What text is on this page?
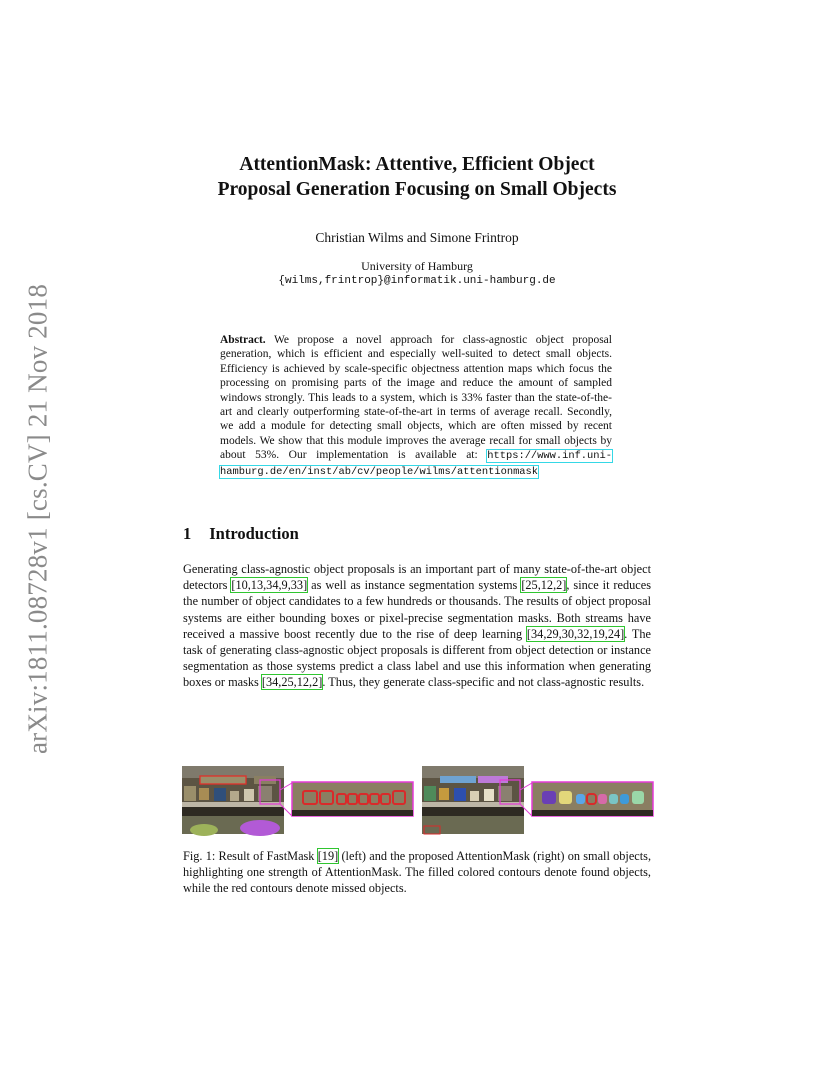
arXiv:1811.08728v1 [cs.CV] 21 Nov 2018
AttentionMask: Attentive, Efficient Object
Proposal Generation Focusing on Small Objects
Christian Wilms and Simone Frintrop
University of Hamburg
{wilms,frintrop}@informatik.uni-hamburg.de
Abstract. We propose a novel approach for class-agnostic object proposal generation, which is efficient and especially well-suited to detect small objects. Efficiency is achieved by scale-specific objectness attention maps which focus the processing on promising parts of the image and reduce the amount of sampled windows strongly. This leads to a system, which is 33% faster than the state-of-the-art and clearly outperforming state-of-the-art in terms of average recall. Secondly, we add a module for detecting small objects, which are often missed by recent models. We show that this module improves the average recall for small objects by about 53%. Our implementation is available at: https://www.inf.uni-hamburg.de/en/inst/ab/cv/people/wilms/attentionmask
1 Introduction
Generating class-agnostic object proposals is an important part of many state-of-the-art object detectors [10,13,34,9,33] as well as instance segmentation systems [25,12,2], since it reduces the number of object candidates to a few hundreds or thousands. The results of object proposal systems are either bounding boxes or pixel-precise segmentation masks. Both streams have received a massive boost recently due to the rise of deep learning [34,29,30,32,19,24]. The task of generating class-agnostic object proposals is different from object detection or instance segmentation as those systems predict a class label and use this information when generating boxes or masks [34,25,12,2]. Thus, they generate class-specific and not class-agnostic results.
Fig. 1: Result of FastMask [19] (left) and the proposed AttentionMask (right) on small objects, highlighting one strength of AttentionMask. The filled colored contours denote found objects, while the red contours denote missed objects.
